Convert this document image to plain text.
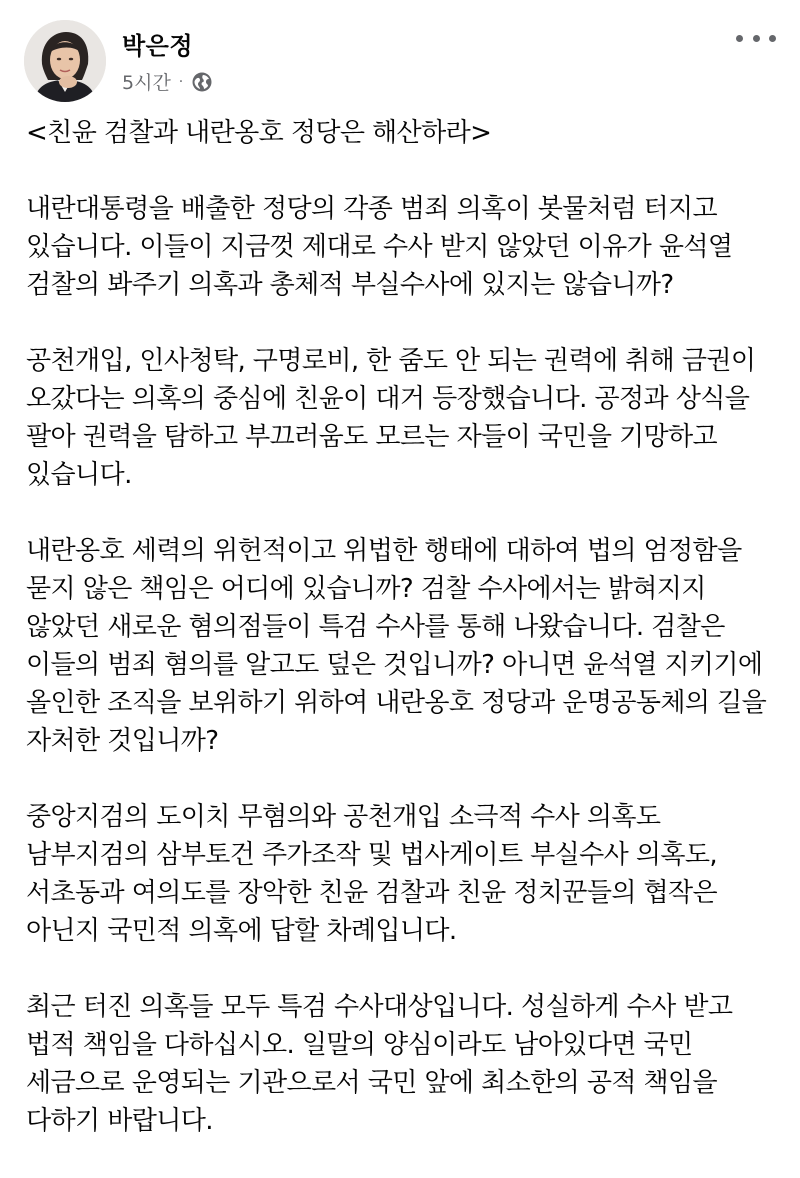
박은정
5시간 ·

<친윤 검찰과 내란옹호 정당은 해산하라>

내란대통령을 배출한 정당의 각종 범죄 의혹이 봇물처럼 터지고 있습니다. 이들이 지금껏 제대로 수사 받지 않았던 이유가 윤석열 검찰의 봐주기 의혹과 총체적 부실수사에 있지는 않습니까?

공천개입, 인사청탁, 구명로비, 한 줌도 안 되는 권력에 취해 금권이 오갔다는 의혹의 중심에 친윤이 대거 등장했습니다. 공정과 상식을 팔아 권력을 탐하고 부끄러움도 모르는 자들이 국민을 기망하고 있습니다.

내란옹호 세력의 위헌적이고 위법한 행태에 대하여 법의 엄정함을 묻지 않은 책임은 어디에 있습니까? 검찰 수사에서는 밝혀지지 않았던 새로운 혐의점들이 특검 수사를 통해 나왔습니다. 검찰은 이들의 범죄 혐의를 알고도 덮은 것입니까? 아니면 윤석열 지키기에 올인한 조직을 보위하기 위하여 내란옹호 정당과 운명공동체의 길을 자처한 것입니까?

중앙지검의 도이치 무혐의와 공천개입 소극적 수사 의혹도 남부지검의 삼부토건 주가조작 및 법사게이트 부실수사 의혹도, 서초동과 여의도를 장악한 친윤 검찰과 친윤 정치꾼들의 협작은 아닌지 국민적 의혹에 답할 차례입니다.

최근 터진 의혹들 모두 특검 수사대상입니다. 성실하게 수사 받고 법적 책임을 다하십시오. 일말의 양심이라도 남아있다면 국민 세금으로 운영되는 기관으로서 국민 앞에 최소한의 공적 책임을 다하기 바랍니다.
